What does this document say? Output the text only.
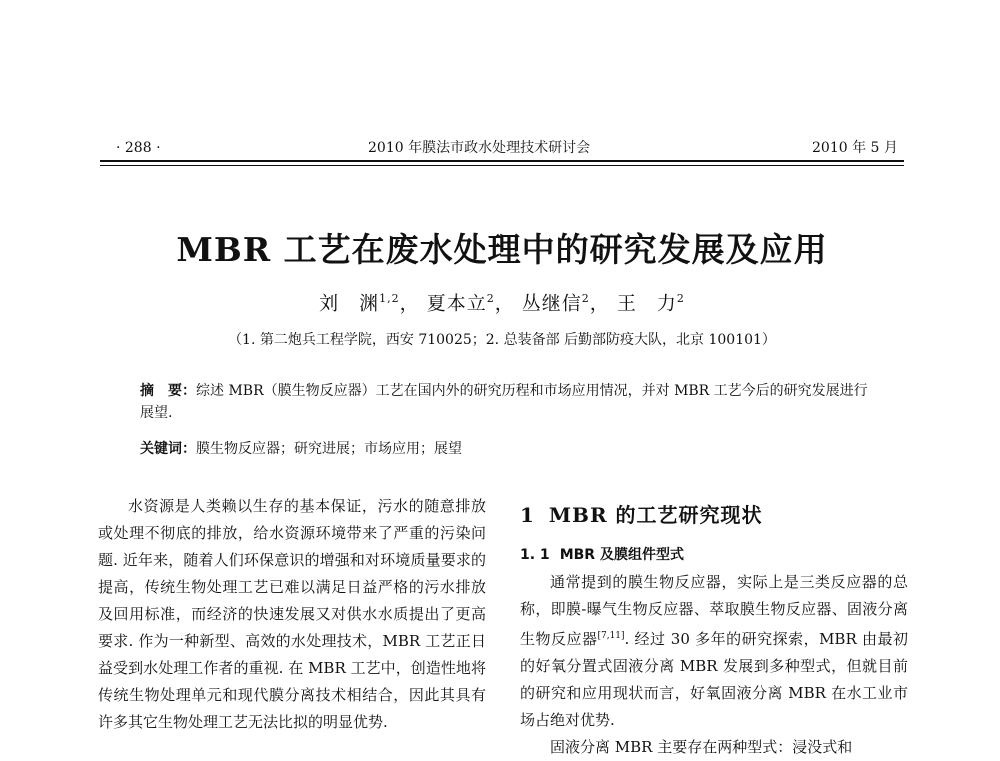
· 288 ·	2010 年膜法市政水处理技术研讨会	2010 年 5 月
MBR 工艺在废水处理中的研究发展及应用
刘　渊$^{1,2}$， 夏本立$^2$， 丛继信$^2$， 王　力$^2$
（1. 第二炮兵工程学院，西安 710025；2. 总装备部 后勤部防疫大队，北京 100101）
摘　要：综述 MBR（膜生物反应器）工艺在国内外的研究历程和市场应用情况，并对 MBR 工艺今后的研究发展进行展望.
关键词：膜生物反应器；研究进展；市场应用；展望

水资源是人类赖以生存的基本保证，污水的随意排放或处理不彻底的排放，给水资源环境带来了严重的污染问题. 近年来，随着人们环保意识的增强和对环境质量要求的提高，传统生物处理工艺已难以满足日益严格的污水排放及回用标准，而经济的快速发展又对供水水质提出了更高要求. 作为一种新型、高效的水处理技术，MBR 工艺正日益受到水处理工作者的重视. 在 MBR 工艺中，创造性地将传统生物处理单元和现代膜分离技术相结合，因此其具有许多其它生物处理工艺无法比拟的明显优势.

1 MBR 的工艺研究现状
1. 1 MBR 及膜组件型式

通常提到的膜生物反应器，实际上是三类反应器的总称，即膜-曝气生物反应器、萃取膜生物反应器、固液分离生物反应器[7,11]. 经过 30 多年的研究探索，MBR 由最初的好氧分置式固液分离 MBR 发展到多种型式，但就目前的研究和应用现状而言，好氧固液分离 MBR 在水工业市场占绝对优势.

固液分离 MBR 主要存在两种型式：浸没式和
